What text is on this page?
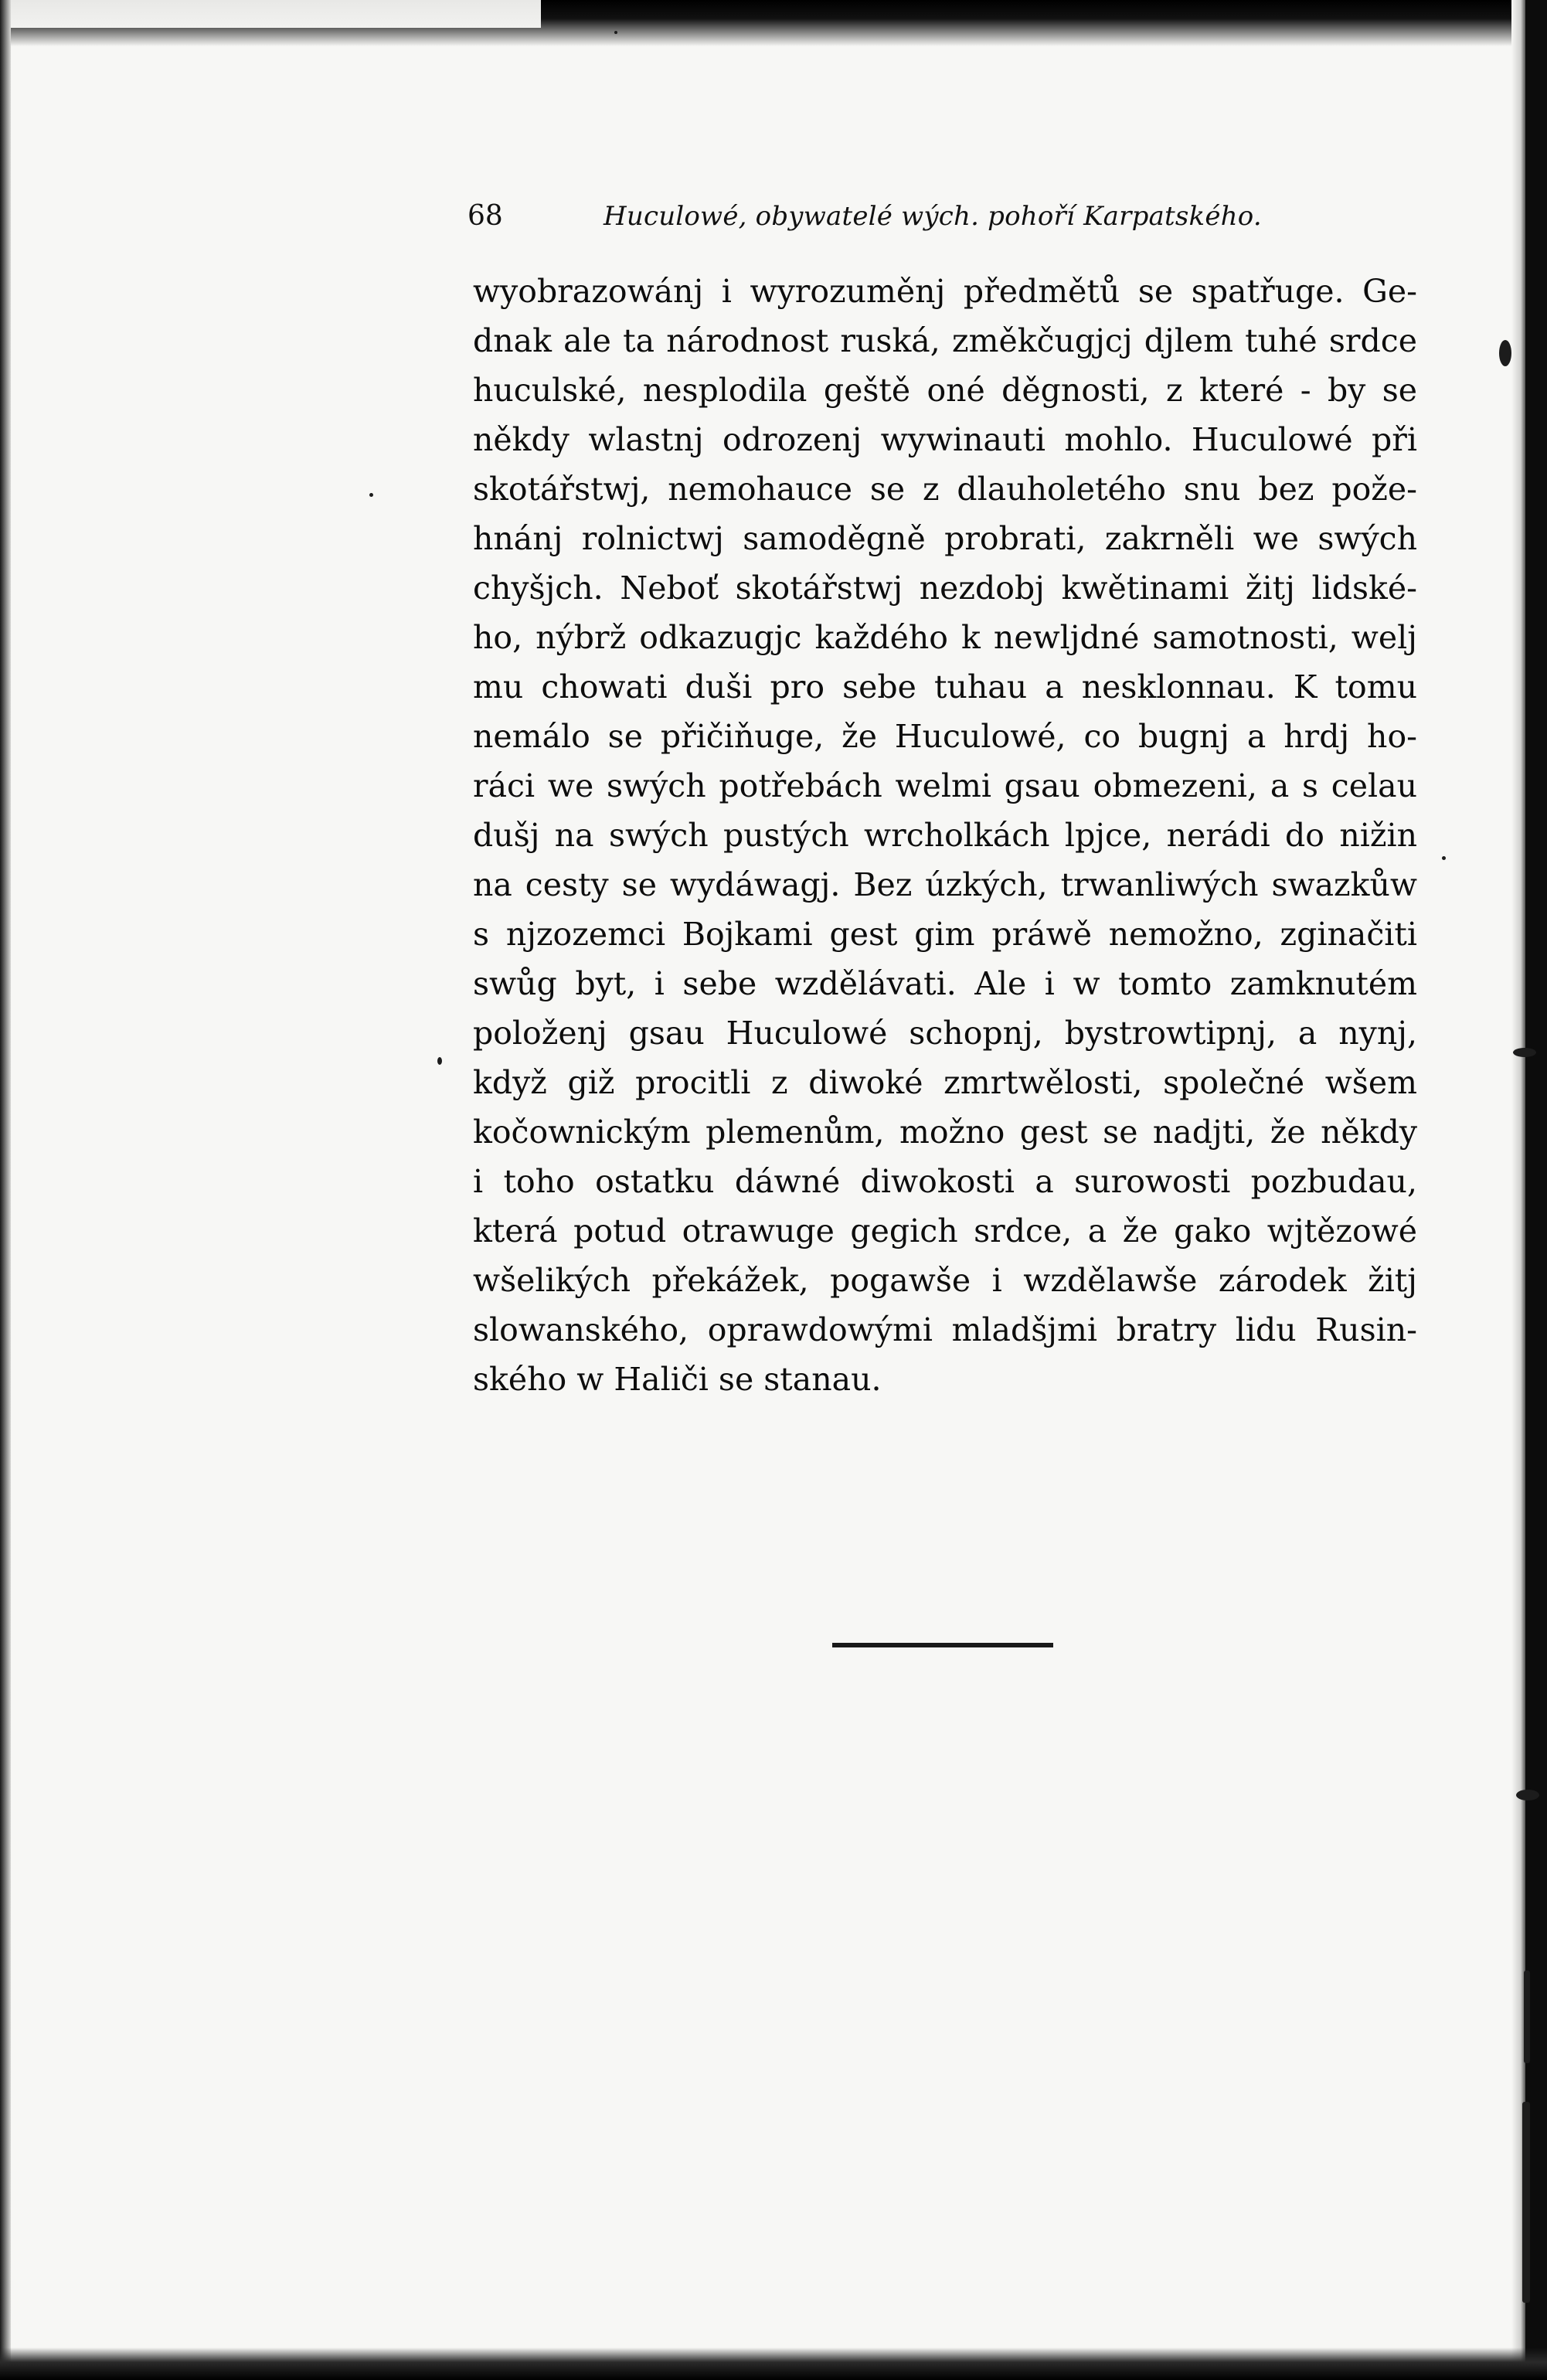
68	Huculowé, obywatelé wých. pohoří Karpatského.
wyobrazowánj i wyrozuměnj předmětů se spatřuge. Ge-
dnak ale ta národnost ruská, změkčugjcj djlem tuhé srdce
huculské, nesplodila geště oné děgnosti, z které - by se
někdy wlastnj odrozenj wywinauti mohlo. Huculowé při
skotářstwj, nemohauce se z dlauholetého snu bez pože-
hnánj rolnictwj samoděgně probrati, zakrněli we swých
chyšjch. Neboť skotářstwj nezdobj kwětinami žitj lidské-
ho, nýbrž odkazugjc každého k newljdné samotnosti, welj
mu chowati duši pro sebe tuhau a nesklonnau. K tomu
nemálo se přičiňuge, že Huculowé, co bugnj a hrdj ho-
ráci we swých potřebách welmi gsau obmezeni, a s celau
dušj na swých pustých wrcholkách lpjce, nerádi do nižin
na cesty se wydáwagj. Bez úzkých, trwanliwých swazkůw
s njzozemci Bojkami gest gim práwě nemožno, zginačiti
swůg byt, i sebe wzdělávati. Ale i w tomto zamknutém
položenj gsau Huculowé schopnj, bystrowtipnj, a nynj,
když giž procitli z diwoké zmrtwělosti, společné wšem
kočownickým plemenům, možno gest se nadjti, že někdy
i toho ostatku dáwné diwokosti a surowosti pozbudau,
která potud otrawuge gegich srdce, a že gako wjtězowé
wšelikých překážek, pogawše i wzdělawše zárodek žitj
slowanského, oprawdowými mladšjmi bratry lidu Rusin-
ského w Haliči se stanau.
